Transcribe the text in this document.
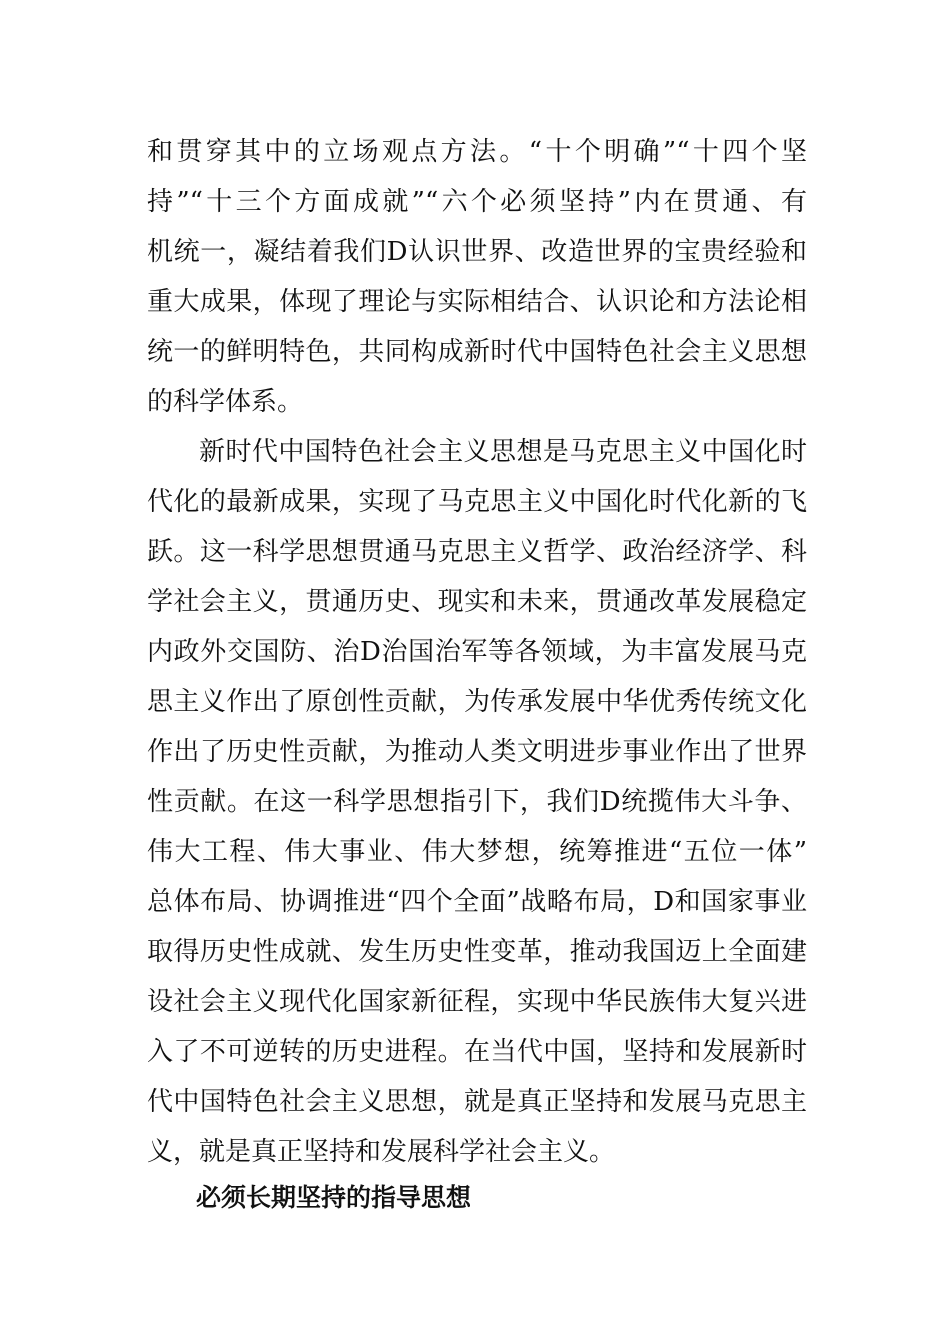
和贯穿其中的立场观点方法。“十个明确”“十四个坚
持”“十三个方面成就”“六个必须坚持”内在贯通、有
机统一，凝结着我们D认识世界、改造世界的宝贵经验和
重大成果，体现了理论与实际相结合、认识论和方法论相
统一的鲜明特色，共同构成新时代中国特色社会主义思想
的科学体系。
新时代中国特色社会主义思想是马克思主义中国化时
代化的最新成果，实现了马克思主义中国化时代化新的飞
跃。这一科学思想贯通马克思主义哲学、政治经济学、科
学社会主义，贯通历史、现实和未来，贯通改革发展稳定
内政外交国防、治D治国治军等各领域，为丰富发展马克
思主义作出了原创性贡献，为传承发展中华优秀传统文化
作出了历史性贡献，为推动人类文明进步事业作出了世界
性贡献。在这一科学思想指引下，我们D统揽伟大斗争、
伟大工程、伟大事业、伟大梦想，统筹推进“五位一体”
总体布局、协调推进“四个全面”战略布局，D和国家事业
取得历史性成就、发生历史性变革，推动我国迈上全面建
设社会主义现代化国家新征程，实现中华民族伟大复兴进
入了不可逆转的历史进程。在当代中国，坚持和发展新时
代中国特色社会主义思想，就是真正坚持和发展马克思主
义，就是真正坚持和发展科学社会主义。
必须长期坚持的指导思想
